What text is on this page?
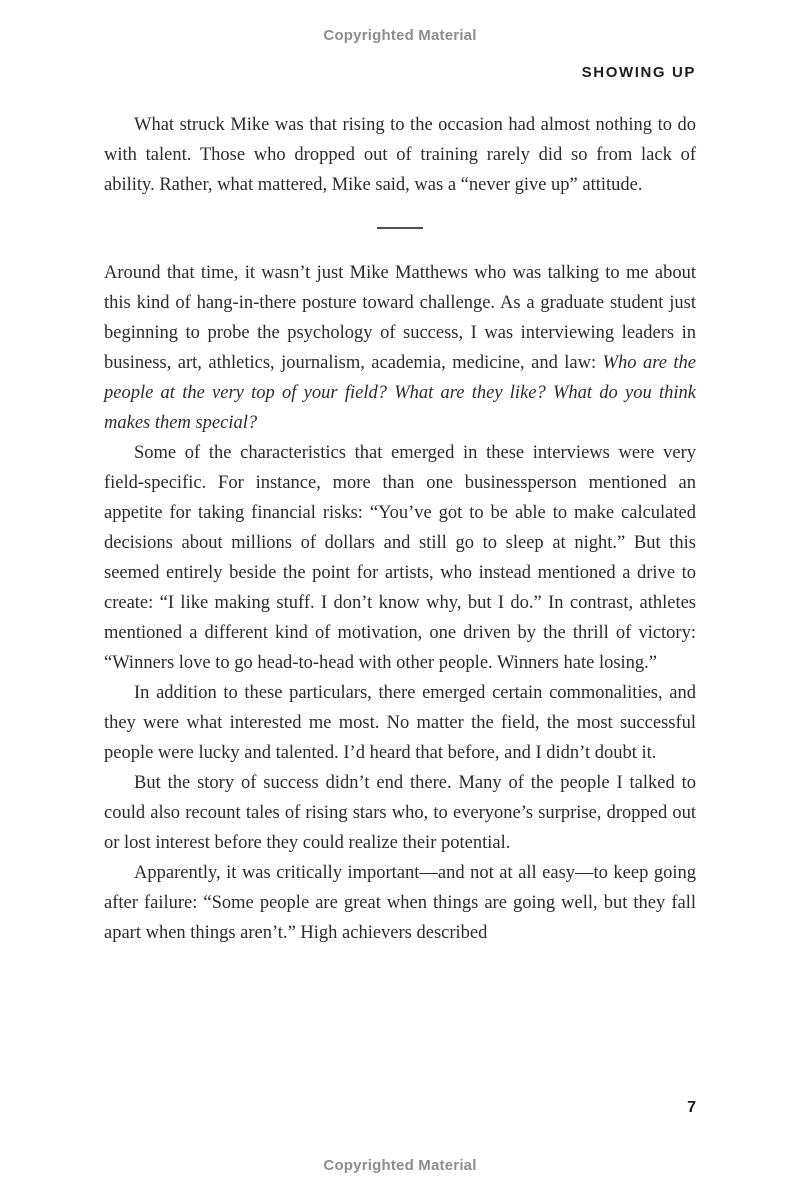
Copyrighted Material
SHOWING UP

What struck Mike was that rising to the occasion had almost nothing to do with talent. Those who dropped out of training rarely did so from lack of ability. Rather, what mattered, Mike said, was a “never give up” attitude.

Around that time, it wasn’t just Mike Matthews who was talking to me about this kind of hang-in-there posture toward challenge. As a graduate student just beginning to probe the psychology of success, I was interviewing leaders in business, art, athletics, journalism, academia, medicine, and law: Who are the people at the very top of your field? What are they like? What do you think makes them special?

Some of the characteristics that emerged in these interviews were very field-specific. For instance, more than one businessperson mentioned an appetite for taking financial risks: “You’ve got to be able to make calculated decisions about millions of dollars and still go to sleep at night.” But this seemed entirely beside the point for artists, who instead mentioned a drive to create: “I like making stuff. I don’t know why, but I do.” In contrast, athletes mentioned a different kind of motivation, one driven by the thrill of victory: “Winners love to go head-to-head with other people. Winners hate losing.”

In addition to these particulars, there emerged certain commonalities, and they were what interested me most. No matter the field, the most successful people were lucky and talented. I’d heard that before, and I didn’t doubt it.

But the story of success didn’t end there. Many of the people I talked to could also recount tales of rising stars who, to everyone’s surprise, dropped out or lost interest before they could realize their potential.

Apparently, it was critically important—and not at all easy—to keep going after failure: “Some people are great when things are going well, but they fall apart when things aren’t.” High achievers described

7
Copyrighted Material
